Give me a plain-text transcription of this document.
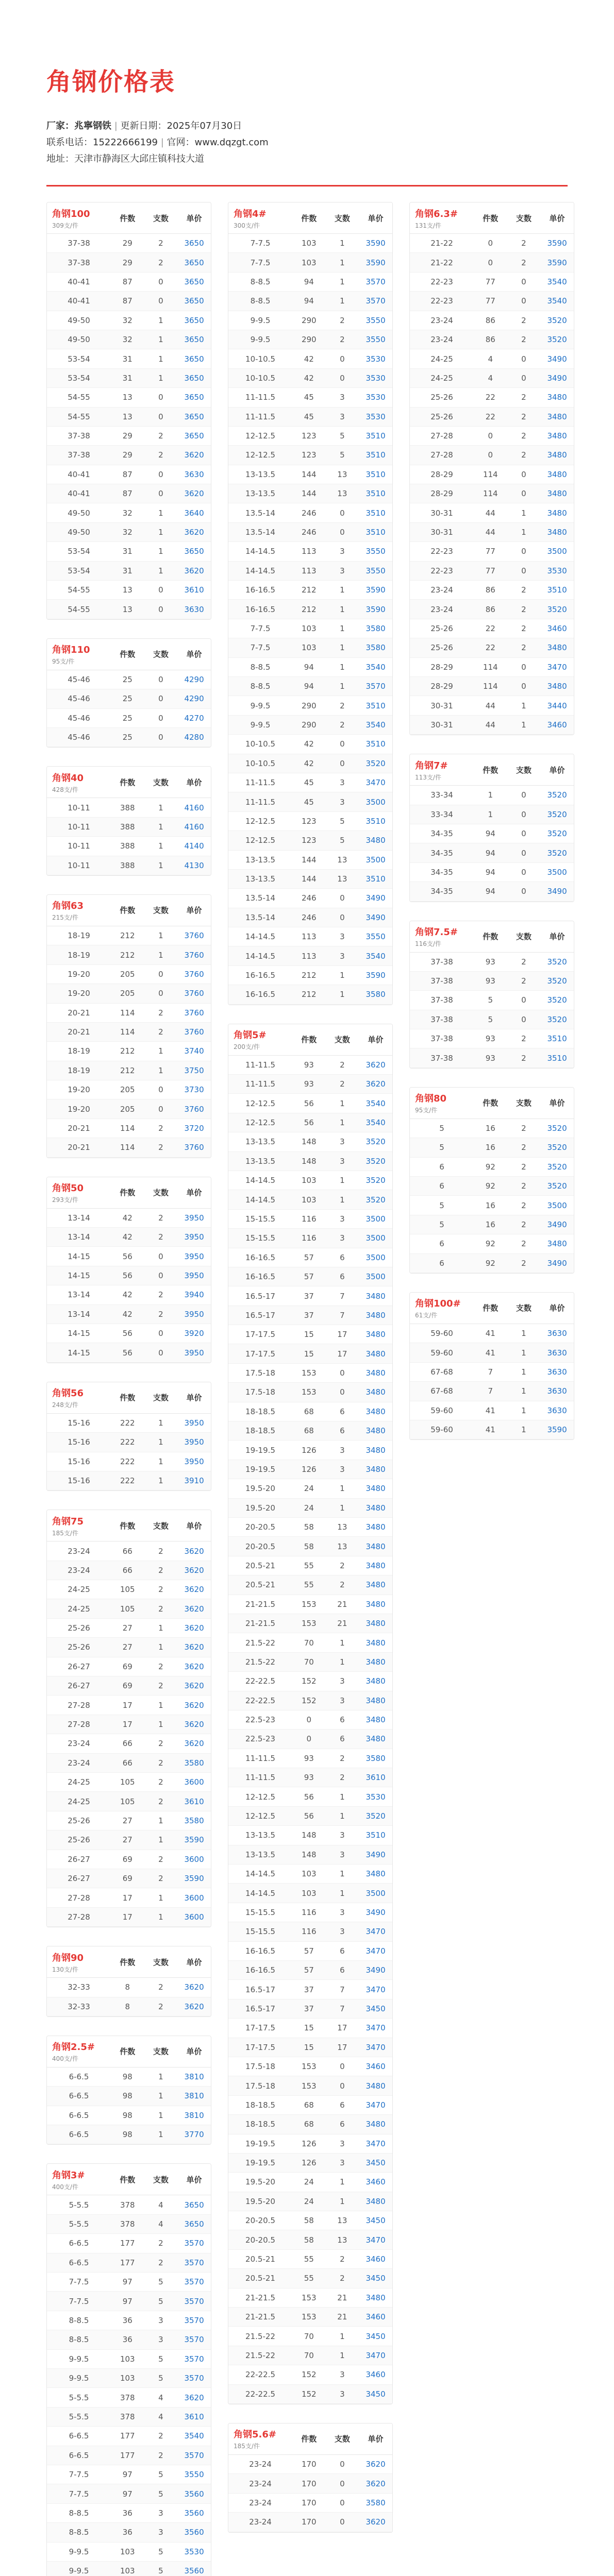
角钢价格表
厂家：兆寧钢铁 | 更新日期：2025年07月30日
联系电话：15222666199 | 官网：www.dqzgt.com
地址：天津市静海区大邱庄镇科技大道
角钢100
309支/件	件数	支数	单价
37-38	29	2	3650
37-38	29	2	3650
40-41	87	0	3650
40-41	87	0	3650
49-50	32	1	3650
49-50	32	1	3650
53-54	31	1	3650
53-54	31	1	3650
54-55	13	0	3650
54-55	13	0	3650
37-38	29	2	3650
37-38	29	2	3620
40-41	87	0	3630
40-41	87	0	3620
49-50	32	1	3640
49-50	32	1	3620
53-54	31	1	3650
53-54	31	1	3620
54-55	13	0	3610
54-55	13	0	3630
角钢110
95支/件	件数	支数	单价
45-46	25	0	4290
45-46	25	0	4290
45-46	25	0	4270
45-46	25	0	4280
角钢40
428支/件	件数	支数	单价
10-11	388	1	4160
10-11	388	1	4160
10-11	388	1	4140
10-11	388	1	4130
角钢63
215支/件	件数	支数	单价
18-19	212	1	3760
18-19	212	1	3760
19-20	205	0	3760
19-20	205	0	3760
20-21	114	2	3760
20-21	114	2	3760
18-19	212	1	3740
18-19	212	1	3750
19-20	205	0	3730
19-20	205	0	3760
20-21	114	2	3720
20-21	114	2	3760
角钢50
293支/件	件数	支数	单价
13-14	42	2	3950
13-14	42	2	3950
14-15	56	0	3950
14-15	56	0	3950
13-14	42	2	3940
13-14	42	2	3950
14-15	56	0	3920
14-15	56	0	3950
角钢56
248支/件	件数	支数	单价
15-16	222	1	3950
15-16	222	1	3950
15-16	222	1	3950
15-16	222	1	3910
角钢75
185支/件	件数	支数	单价
23-24	66	2	3620
23-24	66	2	3620
24-25	105	2	3620
24-25	105	2	3620
25-26	27	1	3620
25-26	27	1	3620
26-27	69	2	3620
26-27	69	2	3620
27-28	17	1	3620
27-28	17	1	3620
23-24	66	2	3620
23-24	66	2	3580
24-25	105	2	3600
24-25	105	2	3610
25-26	27	1	3580
25-26	27	1	3590
26-27	69	2	3600
26-27	69	2	3590
27-28	17	1	3600
27-28	17	1	3600
角钢90
130支/件	件数	支数	单价
32-33	8	2	3620
32-33	8	2	3620
角钢2.5#
400支/件	件数	支数	单价
6-6.5	98	1	3810
6-6.5	98	1	3810
6-6.5	98	1	3810
6-6.5	98	1	3770
角钢3#
400支/件	件数	支数	单价
5-5.5	378	4	3650
5-5.5	378	4	3650
6-6.5	177	2	3570
6-6.5	177	2	3570
7-7.5	97	5	3570
7-7.5	97	5	3570
8-8.5	36	3	3570
8-8.5	36	3	3570
9-9.5	103	5	3570
9-9.5	103	5	3570
5-5.5	378	4	3620
5-5.5	378	4	3610
6-6.5	177	2	3540
6-6.5	177	2	3570
7-7.5	97	5	3550
7-7.5	97	5	3560
8-8.5	36	3	3560
8-8.5	36	3	3560
9-9.5	103	5	3530
9-9.5	103	5	3560
角钢4#
300支/件	件数	支数	单价
7-7.5	103	1	3590
7-7.5	103	1	3590
8-8.5	94	1	3570
8-8.5	94	1	3570
9-9.5	290	2	3550
9-9.5	290	2	3550
10-10.5	42	0	3530
10-10.5	42	0	3530
11-11.5	45	3	3530
11-11.5	45	3	3530
12-12.5	123	5	3510
12-12.5	123	5	3510
13-13.5	144	13	3510
13-13.5	144	13	3510
13.5-14	246	0	3510
13.5-14	246	0	3510
14-14.5	113	3	3550
14-14.5	113	3	3550
16-16.5	212	1	3590
16-16.5	212	1	3590
7-7.5	103	1	3580
7-7.5	103	1	3580
8-8.5	94	1	3540
8-8.5	94	1	3570
9-9.5	290	2	3510
9-9.5	290	2	3540
10-10.5	42	0	3510
10-10.5	42	0	3520
11-11.5	45	3	3470
11-11.5	45	3	3500
12-12.5	123	5	3510
12-12.5	123	5	3480
13-13.5	144	13	3500
13-13.5	144	13	3510
13.5-14	246	0	3490
13.5-14	246	0	3490
14-14.5	113	3	3550
14-14.5	113	3	3540
16-16.5	212	1	3590
16-16.5	212	1	3580
角钢5#
200支/件	件数	支数	单价
11-11.5	93	2	3620
11-11.5	93	2	3620
12-12.5	56	1	3540
12-12.5	56	1	3540
13-13.5	148	3	3520
13-13.5	148	3	3520
14-14.5	103	1	3520
14-14.5	103	1	3520
15-15.5	116	3	3500
15-15.5	116	3	3500
16-16.5	57	6	3500
16-16.5	57	6	3500
16.5-17	37	7	3480
16.5-17	37	7	3480
17-17.5	15	17	3480
17-17.5	15	17	3480
17.5-18	153	0	3480
17.5-18	153	0	3480
18-18.5	68	6	3480
18-18.5	68	6	3480
19-19.5	126	3	3480
19-19.5	126	3	3480
19.5-20	24	1	3480
19.5-20	24	1	3480
20-20.5	58	13	3480
20-20.5	58	13	3480
20.5-21	55	2	3480
20.5-21	55	2	3480
21-21.5	153	21	3480
21-21.5	153	21	3480
21.5-22	70	1	3480
21.5-22	70	1	3480
22-22.5	152	3	3480
22-22.5	152	3	3480
22.5-23	0	6	3480
22.5-23	0	6	3480
11-11.5	93	2	3580
11-11.5	93	2	3610
12-12.5	56	1	3530
12-12.5	56	1	3520
13-13.5	148	3	3510
13-13.5	148	3	3490
14-14.5	103	1	3480
14-14.5	103	1	3500
15-15.5	116	3	3490
15-15.5	116	3	3470
16-16.5	57	6	3470
16-16.5	57	6	3490
16.5-17	37	7	3470
16.5-17	37	7	3450
17-17.5	15	17	3470
17-17.5	15	17	3470
17.5-18	153	0	3460
17.5-18	153	0	3480
18-18.5	68	6	3470
18-18.5	68	6	3480
19-19.5	126	3	3470
19-19.5	126	3	3450
19.5-20	24	1	3460
19.5-20	24	1	3480
20-20.5	58	13	3450
20-20.5	58	13	3470
20.5-21	55	2	3460
20.5-21	55	2	3450
21-21.5	153	21	3480
21-21.5	153	21	3460
21.5-22	70	1	3450
21.5-22	70	1	3470
22-22.5	152	3	3460
22-22.5	152	3	3450
角钢5.6#
185支/件	件数	支数	单价
23-24	170	0	3620
23-24	170	0	3620
23-24	170	0	3580
23-24	170	0	3620
角钢6.3#
131支/件	件数	支数	单价
21-22	0	2	3590
21-22	0	2	3590
22-23	77	0	3540
22-23	77	0	3540
23-24	86	2	3520
23-24	86	2	3520
24-25	4	0	3490
24-25	4	0	3490
25-26	22	2	3480
25-26	22	2	3480
27-28	0	2	3480
27-28	0	2	3480
28-29	114	0	3480
28-29	114	0	3480
30-31	44	1	3480
30-31	44	1	3480
22-23	77	0	3500
22-23	77	0	3530
23-24	86	2	3510
23-24	86	2	3520
25-26	22	2	3460
25-26	22	2	3480
28-29	114	0	3470
28-29	114	0	3480
30-31	44	1	3440
30-31	44	1	3460
角钢7#
113支/件	件数	支数	单价
33-34	1	0	3520
33-34	1	0	3520
34-35	94	0	3520
34-35	94	0	3520
34-35	94	0	3500
34-35	94	0	3490
角钢7.5#
116支/件	件数	支数	单价
37-38	93	2	3520
37-38	93	2	3520
37-38	5	0	3520
37-38	5	0	3520
37-38	93	2	3510
37-38	93	2	3510
角钢80
95支/件	件数	支数	单价
5	16	2	3520
5	16	2	3520
6	92	2	3520
6	92	2	3520
5	16	2	3500
5	16	2	3490
6	92	2	3480
6	92	2	3490
角钢100#
61支/件	件数	支数	单价
59-60	41	1	3630
59-60	41	1	3630
67-68	7	1	3630
67-68	7	1	3630
59-60	41	1	3630
59-60	41	1	3590
